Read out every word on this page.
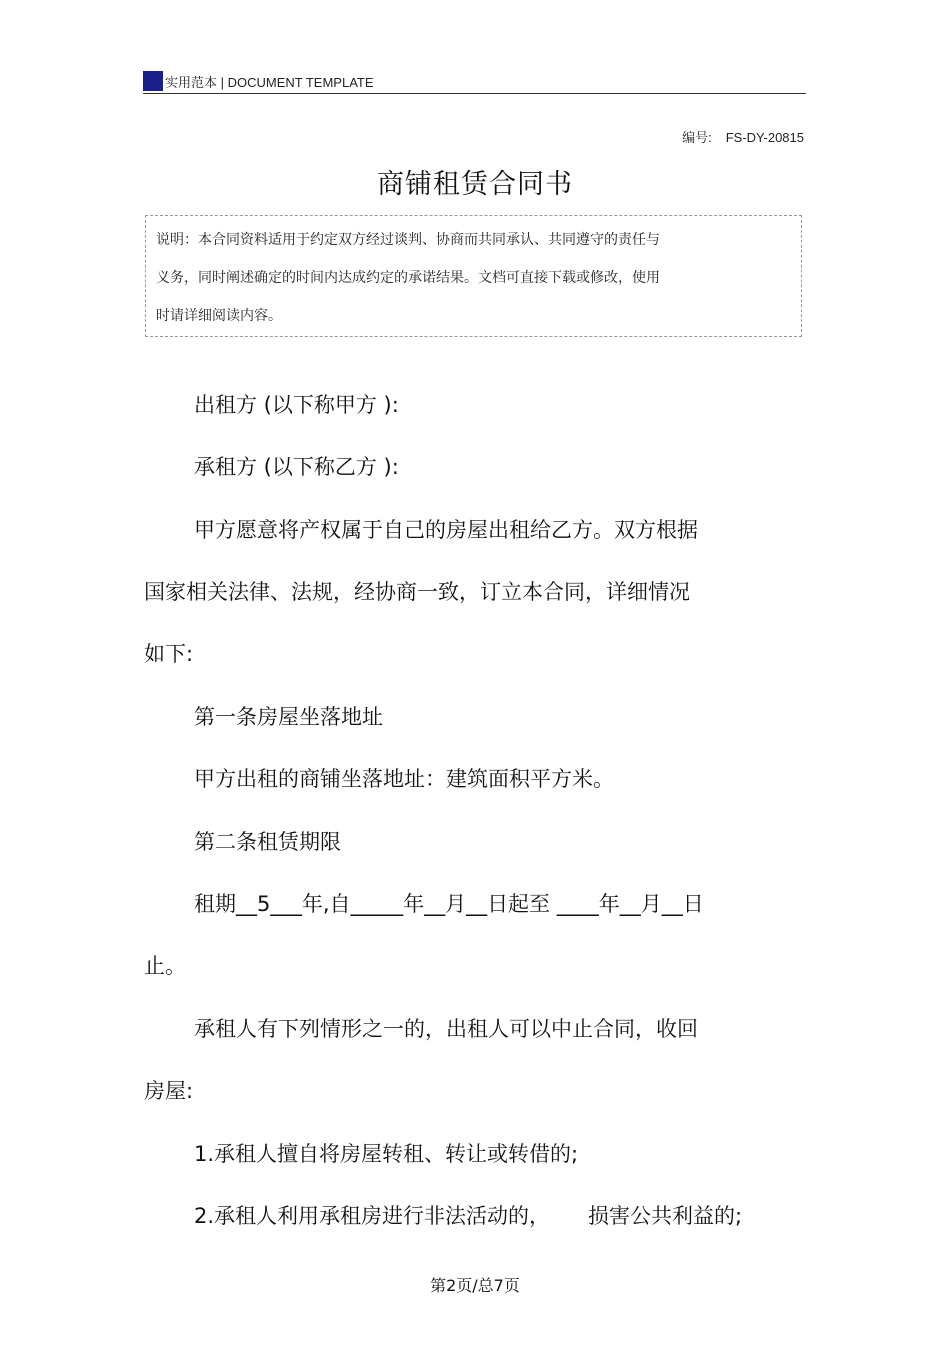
实用范本 | DOCUMENT TEMPLATE
编号: FS-DY-20815
商铺租赁合同书
说明：本合同资料适用于约定双方经过谈判、协商而共同承认、共同遵守的责任与
义务，同时阐述确定的时间内达成约定的承诺结果。文档可直接下载或修改，使用
时请详细阅读内容。
出租方 (以下称甲方 ):
承租方 (以下称乙方 ):
甲方愿意将产权属于自己的房屋出租给乙方。双方根据
国家相关法律、法规，经协商一致，订立本合同，详细情况
如下:
第一条房屋坐落地址
甲方出租的商铺坐落地址：建筑面积平方米。
第二条租赁期限
租期__5___年,自_____年__月__日起至 ____年__月__日
止。
承租人有下列情形之一的，出租人可以中止合同，收回
房屋:
1.承租人擅自将房屋转租、转让或转借的;
2.承租人利用承租房进行非法活动的， 损害公共利益的;
第2页/总7页
